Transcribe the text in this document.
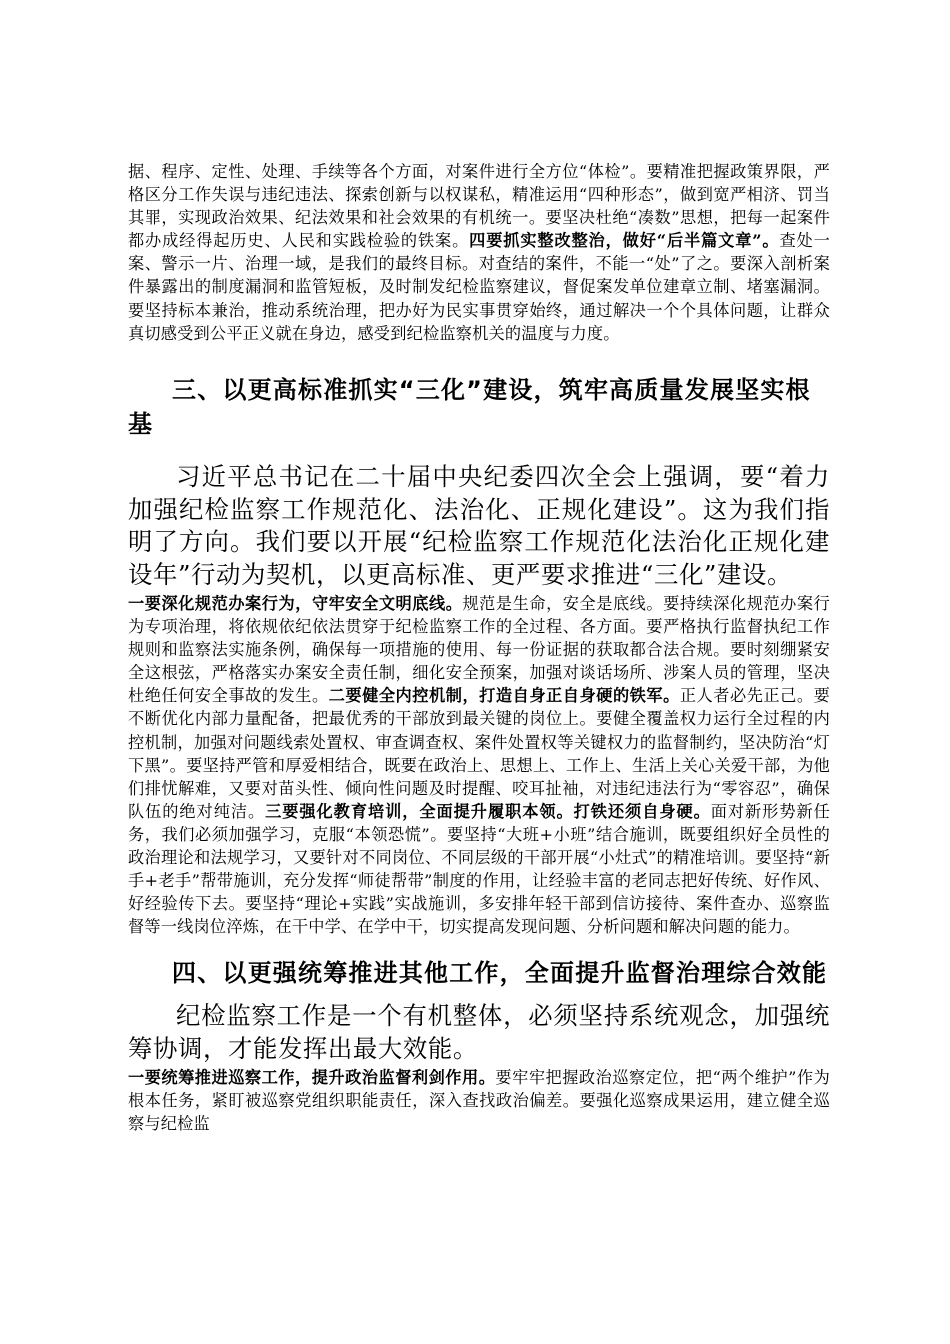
据、程序、定性、处理、手续等各个方面，对案件进行全方位“体检”。要精准把握政策界限，严格区分工作失误与违纪违法、探索创新与以权谋私，精准运用“四种形态”，做到宽严相济、罚当其罪，实现政治效果、纪法效果和社会效果的有机统一。要坚决杜绝“凑数”思想，把每一起案件都办成经得起历史、人民和实践检验的铁案。四要抓实整改整治，做好“后半篇文章”。查处一案、警示一片、治理一域，是我们的最终目标。对查结的案件，不能一“处”了之。要深入剖析案件暴露出的制度漏洞和监管短板，及时制发纪检监察建议，督促案发单位建章立制、堵塞漏洞。要坚持标本兼治，推动系统治理，把办好为民实事贯穿始终，通过解决一个个具体问题，让群众真切感受到公平正义就在身边，感受到纪检监察机关的温度与力度。

三、以更高标准抓实“三化”建设，筑牢高质量发展坚实根基

习近平总书记在二十届中央纪委四次全会上强调，要“着力加强纪检监察工作规范化、法治化、正规化建设”。这为我们指明了方向。我们要以开展“纪检监察工作规范化法治化正规化建设年”行动为契机，以更高标准、更严要求推进“三化”建设。

一要深化规范办案行为，守牢安全文明底线。规范是生命，安全是底线。要持续深化规范办案行为专项治理，将依规依纪依法贯穿于纪检监察工作的全过程、各方面。要严格执行监督执纪工作规则和监察法实施条例，确保每一项措施的使用、每一份证据的获取都合法合规。要时刻绷紧安全这根弦，严格落实办案安全责任制，细化安全预案，加强对谈话场所、涉案人员的管理，坚决杜绝任何安全事故的发生。二要健全内控机制，打造自身正自身硬的铁军。正人者必先正己。要不断优化内部力量配备，把最优秀的干部放到最关键的岗位上。要健全覆盖权力运行全过程的内控机制，加强对问题线索处置权、审查调查权、案件处置权等关键权力的监督制约，坚决防治“灯下黑”。要坚持严管和厚爱相结合，既要在政治上、思想上、工作上、生活上关心关爱干部，为他们排忧解难，又要对苗头性、倾向性问题及时提醒、咬耳扯袖，对违纪违法行为“零容忍”，确保队伍的绝对纯洁。三要强化教育培训，全面提升履职本领。打铁还须自身硬。面对新形势新任务，我们必须加强学习，克服“本领恐慌”。要坚持“大班+小班”结合施训，既要组织好全员性的政治理论和法规学习，又要针对不同岗位、不同层级的干部开展“小灶式”的精准培训。要坚持“新手+老手”帮带施训，充分发挥“师徒帮带”制度的作用，让经验丰富的老同志把好传统、好作风、好经验传下去。要坚持“理论+实践”实战施训，多安排年轻干部到信访接待、案件查办、巡察监督等一线岗位淬炼，在干中学、在学中干，切实提高发现问题、分析问题和解决问题的能力。

四、以更强统筹推进其他工作，全面提升监督治理综合效能

纪检监察工作是一个有机整体，必须坚持系统观念，加强统筹协调，才能发挥出最大效能。

一要统筹推进巡察工作，提升政治监督利剑作用。要牢牢把握政治巡察定位，把“两个维护”作为根本任务，紧盯被巡察党组织职能责任，深入查找政治偏差。要强化巡察成果运用，建立健全巡察与纪检监
